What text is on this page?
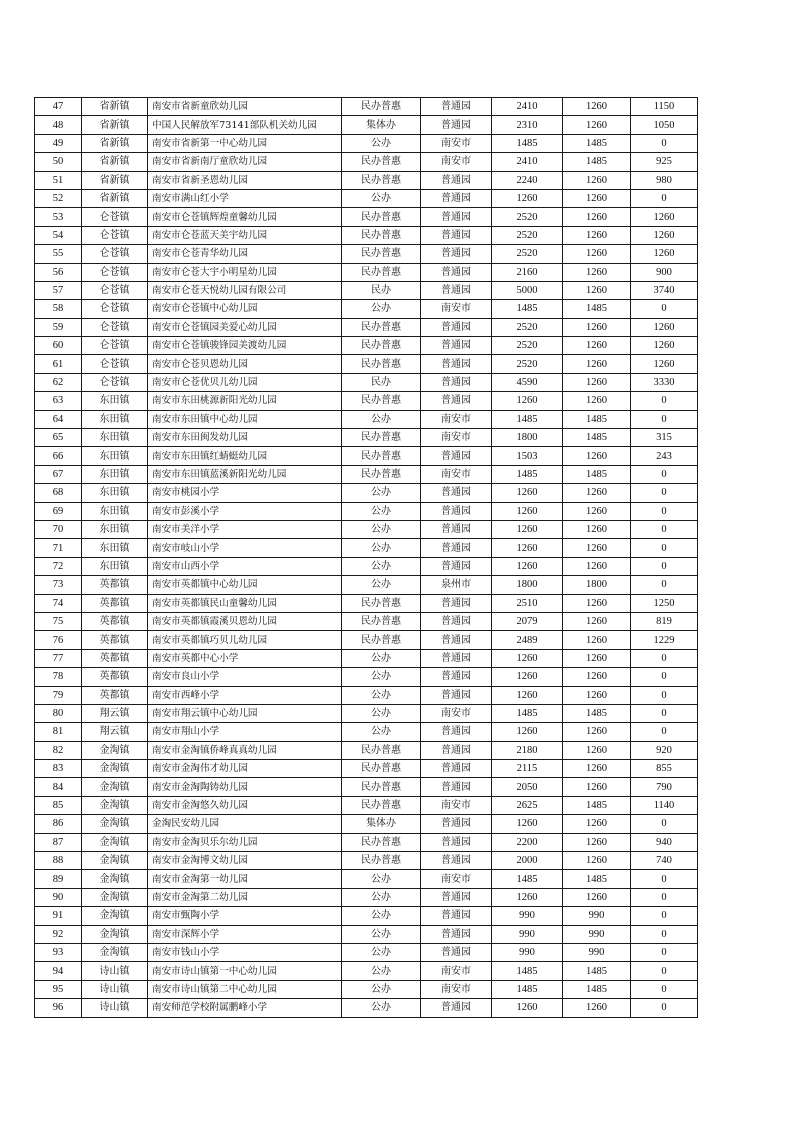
47	省新镇	南安市省新童欣幼儿园	民办普惠	普通园	2410	1260	1150
48	省新镇	中国人民解放军73141部队机关幼儿园	集体办	普通园	2310	1260	1050
49	省新镇	南安市省新第一中心幼儿园	公办	南安市	1485	1485	0
50	省新镇	南安市省新南厅童欣幼儿园	民办普惠	南安市	2410	1485	925
51	省新镇	南安市省新圣恩幼儿园	民办普惠	普通园	2240	1260	980
52	省新镇	南安市满山红小学	公办	普通园	1260	1260	0
53	仑苍镇	南安市仑苍镇辉煌童馨幼儿园	民办普惠	普通园	2520	1260	1260
54	仑苍镇	南安市仑苍蓝天美宇幼儿园	民办普惠	普通园	2520	1260	1260
55	仑苍镇	南安市仑苍青华幼儿园	民办普惠	普通园	2520	1260	1260
56	仑苍镇	南安市仑苍大宇小明星幼儿园	民办普惠	普通园	2160	1260	900
57	仑苍镇	南安市仑苍天悦幼儿园有限公司	民办	普通园	5000	1260	3740
58	仑苍镇	南安市仑苍镇中心幼儿园	公办	南安市	1485	1485	0
59	仑苍镇	南安市仑苍镇园美爱心幼儿园	民办普惠	普通园	2520	1260	1260
60	仑苍镇	南安市仑苍镇骏锋园美渡幼儿园	民办普惠	普通园	2520	1260	1260
61	仑苍镇	南安市仑苍贝恩幼儿园	民办普惠	普通园	2520	1260	1260
62	仑苍镇	南安市仑苍优贝儿幼儿园	民办	普通园	4590	1260	3330
63	东田镇	南安市东田桃源新阳光幼儿园	民办普惠	普通园	1260	1260	0
64	东田镇	南安市东田镇中心幼儿园	公办	南安市	1485	1485	0
65	东田镇	南安市东田闽发幼儿园	民办普惠	南安市	1800	1485	315
66	东田镇	南安市东田镇红蜻蜓幼儿园	民办普惠	普通园	1503	1260	243
67	东田镇	南安市东田镇蓝溪新阳光幼儿园	民办普惠	南安市	1485	1485	0
68	东田镇	南安市桃园小学	公办	普通园	1260	1260	0
69	东田镇	南安市彭溪小学	公办	普通园	1260	1260	0
70	东田镇	南安市美洋小学	公办	普通园	1260	1260	0
71	东田镇	南安市岐山小学	公办	普通园	1260	1260	0
72	东田镇	南安市山西小学	公办	普通园	1260	1260	0
73	英都镇	南安市英都镇中心幼儿园	公办	泉州市	1800	1800	0
74	英都镇	南安市英都镇民山童馨幼儿园	民办普惠	普通园	2510	1260	1250
75	英都镇	南安市英都镇霞溪贝恩幼儿园	民办普惠	普通园	2079	1260	819
76	英都镇	南安市英都镇巧贝儿幼儿园	民办普惠	普通园	2489	1260	1229
77	英都镇	南安市英都中心小学	公办	普通园	1260	1260	0
78	英都镇	南安市良山小学	公办	普通园	1260	1260	0
79	英都镇	南安市西峰小学	公办	普通园	1260	1260	0
80	翔云镇	南安市翔云镇中心幼儿园	公办	南安市	1485	1485	0
81	翔云镇	南安市翔山小学	公办	普通园	1260	1260	0
82	金淘镇	南安市金淘镇侨峰真真幼儿园	民办普惠	普通园	2180	1260	920
83	金淘镇	南安市金淘伟才幼儿园	民办普惠	普通园	2115	1260	855
84	金淘镇	南安市金淘陶铸幼儿园	民办普惠	普通园	2050	1260	790
85	金淘镇	南安市金淘悠久幼儿园	民办普惠	南安市	2625	1485	1140
86	金淘镇	金淘民安幼儿园	集体办	普通园	1260	1260	0
87	金淘镇	南安市金淘贝乐尔幼儿园	民办普惠	普通园	2200	1260	940
88	金淘镇	南安市金淘博文幼儿园	民办普惠	普通园	2000	1260	740
89	金淘镇	南安市金淘第一幼儿园	公办	南安市	1485	1485	0
90	金淘镇	南安市金淘第二幼儿园	公办	普通园	1260	1260	0
91	金淘镇	南安市甄陶小学	公办	普通园	990	990	0
92	金淘镇	南安市深辉小学	公办	普通园	990	990	0
93	金淘镇	南安市钱山小学	公办	普通园	990	990	0
94	诗山镇	南安市诗山镇第一中心幼儿园	公办	南安市	1485	1485	0
95	诗山镇	南安市诗山镇第二中心幼儿园	公办	南安市	1485	1485	0
96	诗山镇	南安师范学校附属鹏峰小学	公办	普通园	1260	1260	0
